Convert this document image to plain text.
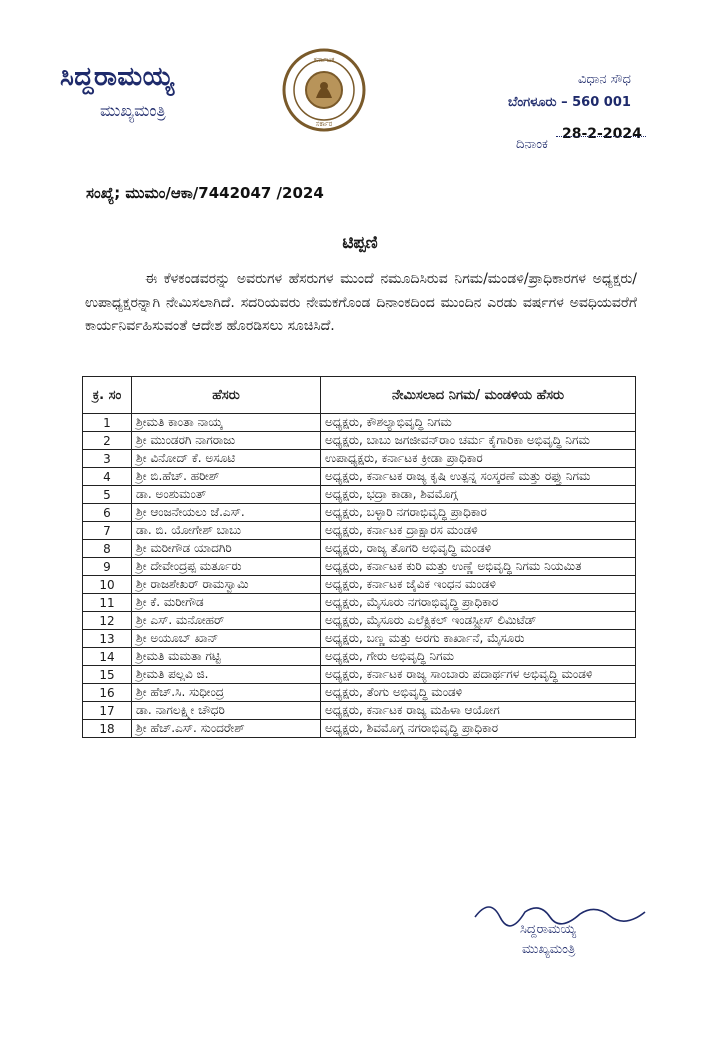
ಸಿದ್ದರಾಮಯ್ಯ
ಮುಖ್ಯಮಂತ್ರಿ
ಕರ್ನಾಟಕ
ಸರ್ಕಾರ
ವಿಧಾನ ಸೌಧ
ಬೆಂಗಳೂರು – 560 001
28-2-2024
ದಿನಾಂಕ
ಸಂಖ್ಯೆ; ಮುಮಂ/ಆಕಾ/7442047 /2024
ಟಿಪ್ಪಣಿ
ಈ ಕೆಳಕಂಡವರನ್ನು ಅವರುಗಳ ಹೆಸರುಗಳ ಮುಂದೆ ನಮೂದಿಸಿರುವ ನಿಗಮ/ಮಂಡಳಿ/ಪ್ರಾಧಿಕಾರಗಳ ಅಧ್ಯಕ್ಷರು/ಉಪಾಧ್ಯಕ್ಷರನ್ನಾಗಿ ನೇಮಿಸಲಾಗಿದೆ. ಸದರಿಯವರು ನೇಮಕಗೊಂಡ ದಿನಾಂಕದಿಂದ ಮುಂದಿನ ಎರಡು ವರ್ಷಗಳ ಅವಧಿಯವರೆಗೆ ಕಾರ್ಯನಿರ್ವಹಿಸುವಂತೆ ಆದೇಶ ಹೊರಡಿಸಲು ಸೂಚಿಸಿದೆ.
ಕ್ರ. ಸಂ	ಹೆಸರು	ನೇಮಿಸಲಾದ ನಿಗಮ/ ಮಂಡಳಿಯ ಹೆಸರು
1	ಶ್ರೀಮತಿ ಕಾಂತಾ ನಾಯ್ಕ	ಅಧ್ಯಕ್ಷರು, ಕೌಶಲ್ಯಾಭಿವೃದ್ಧಿ ನಿಗಮ
2	ಶ್ರೀ ಮುಂಡರಗಿ ನಾಗರಾಜು	ಅಧ್ಯಕ್ಷರು, ಬಾಬು ಜಗಜೀವನ್‌ರಾಂ ಚರ್ಮ ಕೈಗಾರಿಕಾ ಅಭಿವೃದ್ಧಿ ನಿಗಮ
3	ಶ್ರೀ ವಿನೋದ್ ಕೆ. ಅಸೂಟಿ	ಉಪಾಧ್ಯಕ್ಷರು, ಕರ್ನಾಟಕ ಕ್ರೀಡಾ ಪ್ರಾಧಿಕಾರ
4	ಶ್ರೀ ಬಿ.ಹೆಚ್. ಹರೀಶ್	ಅಧ್ಯಕ್ಷರು, ಕರ್ನಾಟಕ ರಾಜ್ಯ ಕೃಷಿ ಉತ್ಪನ್ನ ಸಂಸ್ಕರಣೆ ಮತ್ತು ರಫ್ತು ನಿಗಮ
5	ಡಾ. ಅಂಶುಮಂತ್	ಅಧ್ಯಕ್ಷರು, ಭದ್ರಾ ಕಾಡಾ, ಶಿವಮೊಗ್ಗ
6	ಶ್ರೀ ಆಂಜನೇಯಲು ಜೆ.ಎಸ್.	ಅಧ್ಯಕ್ಷರು, ಬಳ್ಳಾರಿ ನಗರಾಭಿವೃದ್ಧಿ ಪ್ರಾಧಿಕಾರ
7	ಡಾ. ಬಿ. ಯೋಗೇಶ್ ಬಾಬು	ಅಧ್ಯಕ್ಷರು, ಕರ್ನಾಟಕ ದ್ರಾಕ್ಷಾರಸ ಮಂಡಳಿ
8	ಶ್ರೀ ಮರೀಗೌಡ ಯಾದಗಿರಿ	ಅಧ್ಯಕ್ಷರು, ರಾಜ್ಯ ತೊಗರಿ ಅಭಿವೃದ್ಧಿ ಮಂಡಳಿ
9	ಶ್ರೀ ದೇವೇಂದ್ರಪ್ಪ ಮರ್ತೂರು	ಅಧ್ಯಕ್ಷರು, ಕರ್ನಾಟಕ ಕುರಿ ಮತ್ತು ಉಣ್ಣೆ ಅಭಿವೃದ್ಧಿ ನಿಗಮ ನಿಯಮಿತ
10	ಶ್ರೀ ರಾಜಶೇಖರ್ ರಾಮಸ್ವಾಮಿ	ಅಧ್ಯಕ್ಷರು, ಕರ್ನಾಟಕ ಜೈವಿಕ ಇಂಧನ ಮಂಡಳಿ
11	ಶ್ರೀ ಕೆ. ಮರೀಗೌಡ	ಅಧ್ಯಕ್ಷರು, ಮೈಸೂರು ನಗರಾಭಿವೃದ್ಧಿ ಪ್ರಾಧಿಕಾರ
12	ಶ್ರೀ ಎಸ್. ಮನೋಹರ್	ಅಧ್ಯಕ್ಷರು, ಮೈಸೂರು ಎಲೆಕ್ಟ್ರಿಕಲ್ ಇಂಡಸ್ಟ್ರೀಸ್ ಲಿಮಿಟೆಡ್
13	ಶ್ರೀ ಅಯೂಬ್ ಖಾನ್	ಅಧ್ಯಕ್ಷರು, ಬಣ್ಣ ಮತ್ತು ಅರಗು ಕಾರ್ಖಾನೆ, ಮೈಸೂರು
14	ಶ್ರೀಮತಿ ಮಮತಾ ಗಟ್ಟಿ	ಅಧ್ಯಕ್ಷರು, ಗೇರು ಅಭಿವೃದ್ಧಿ ನಿಗಮ
15	ಶ್ರೀಮತಿ ಪಲ್ಲವಿ ಜಿ.	ಅಧ್ಯಕ್ಷರು, ಕರ್ನಾಟಕ ರಾಜ್ಯ ಸಾಂಬಾರು ಪದಾರ್ಥಗಳ ಅಭಿವೃದ್ಧಿ ಮಂಡಳಿ
16	ಶ್ರೀ ಹೆಚ್.ಸಿ. ಸುಧೀಂದ್ರ	ಅಧ್ಯಕ್ಷರು, ತೆಂಗು ಅಭಿವೃದ್ಧಿ ಮಂಡಳಿ
17	ಡಾ. ನಾಗಲಕ್ಷ್ಮೀ ಚೌಧರಿ	ಅಧ್ಯಕ್ಷರು, ಕರ್ನಾಟಕ ರಾಜ್ಯ ಮಹಿಳಾ ಆಯೋಗ
18	ಶ್ರೀ ಹೆಚ್.ಎಸ್. ಸುಂದರೇಶ್	ಅಧ್ಯಕ್ಷರು, ಶಿವಮೊಗ್ಗ ನಗರಾಭಿವೃದ್ಧಿ ಪ್ರಾಧಿಕಾರ
ಸಿದ್ದರಾಮಯ್ಯ
ಮುಖ್ಯಮಂತ್ರಿ
